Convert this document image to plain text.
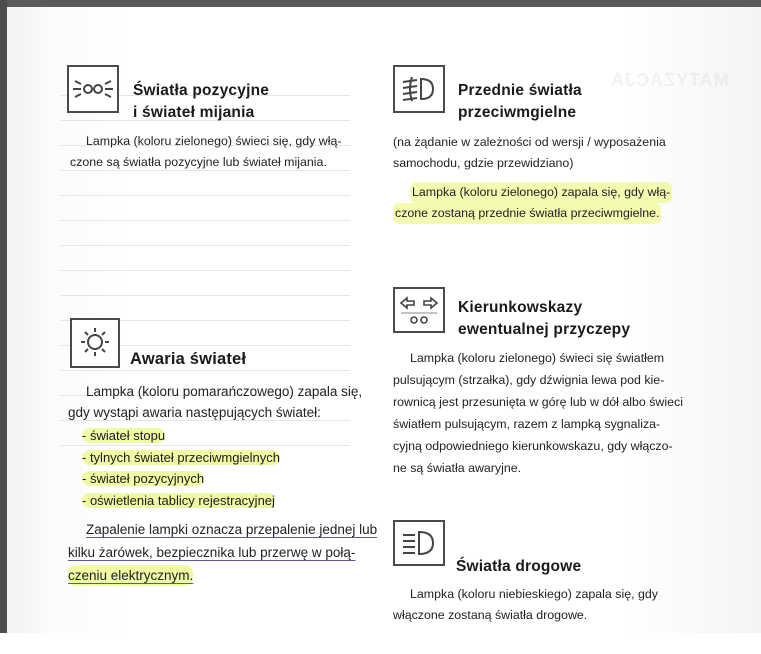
MATYZACJA
Światła pozycyjne
i świateł mijania
Lampka (koloru zielonego) świeci się, gdy włą-
czone są światła pozycyjne lub świateł mijania.
Awaria świateł
Lampka (koloru pomarańczowego) zapala się,
gdy wystąpi awaria następujących świateł:
- świateł stopu
- tylnych świateł przeciwmgielnych
- świateł pozycyjnych
- oświetlenia tablicy rejestracyjnej
Zapalenie lampki oznacza przepalenie jednej lub
kilku żarówek, bezpiecznika lub przerwę w połą-
czeniu elektrycznym.
Przednie światła
przeciwmgielne
(na żądanie w zależności od wersji / wyposażenia
samochodu, gdzie przewidziano)
Lampka (koloru zielonego) zapala się, gdy włą-
czone zostaną przednie światła przeciwmgielne.
Kierunkowskazy
ewentualnej przyczepy
Lampka (koloru zielonego) świeci się światłem
pulsującym (strzałka), gdy dźwignia lewa pod kie-
rownicą jest przesunięta w górę lub w dół albo świeci
światłem pulsującym, razem z lampką sygnaliza-
cyjną odpowiedniego kierunkowskazu, gdy włączo-
ne są światła awaryjne.
Światła drogowe
Lampka (koloru niebieskiego) zapala się, gdy
włączone zostaną światła drogowe.
